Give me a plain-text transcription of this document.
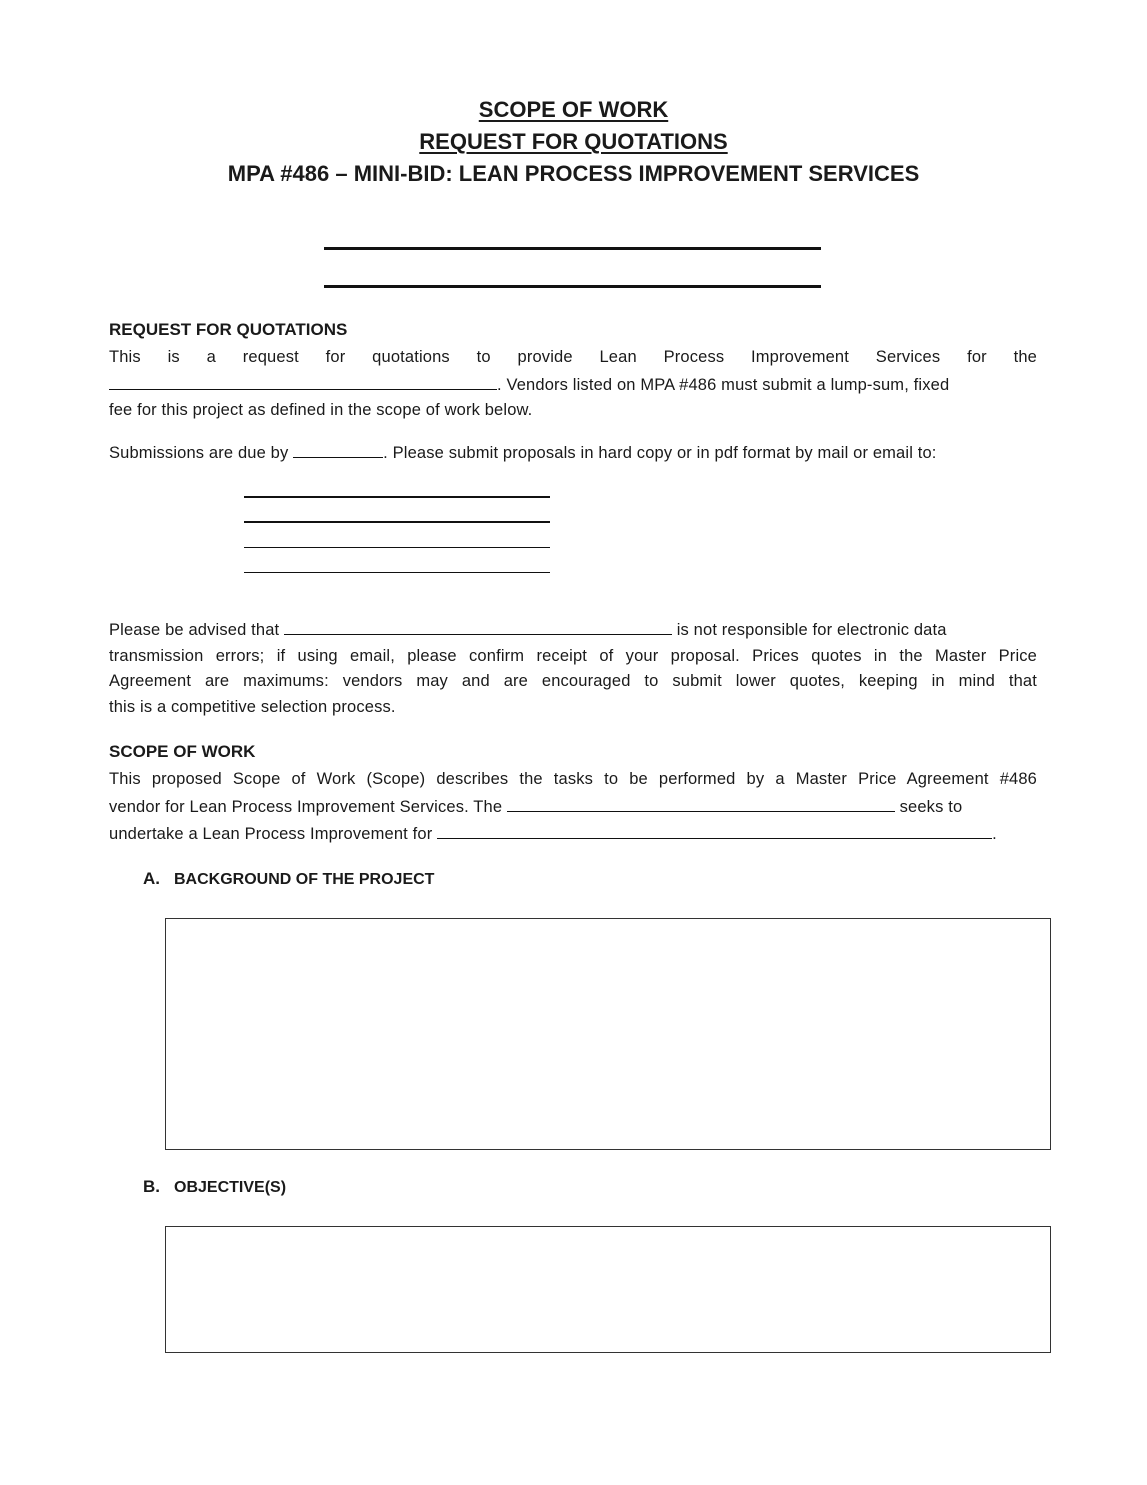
SCOPE OF WORK
REQUEST FOR QUOTATIONS
MPA #486 – MINI-BID: LEAN PROCESS IMPROVEMENT SERVICES
REQUEST FOR QUOTATIONS
This is a request for quotations to provide Lean Process Improvement Services for the
. Vendors listed on MPA #486 must submit a lump-sum, fixed
fee for this project as defined in the scope of work below.
Submissions are due by	. Please submit proposals in hard copy or in pdf format by mail or email to:
Please be advised that	is not responsible for electronic data
transmission errors; if using email, please confirm receipt of your proposal. Prices quotes in the Master Price
Agreement are maximums: vendors may and are encouraged to submit lower quotes, keeping in mind that
this is a competitive selection process.
SCOPE OF WORK
This proposed Scope of Work (Scope) describes the tasks to be performed by a Master Price Agreement #486
vendor for Lean Process Improvement Services. The	seeks to
undertake a Lean Process Improvement for	.
A. BACKGROUND OF THE PROJECT
B. OBJECTIVE(S)
